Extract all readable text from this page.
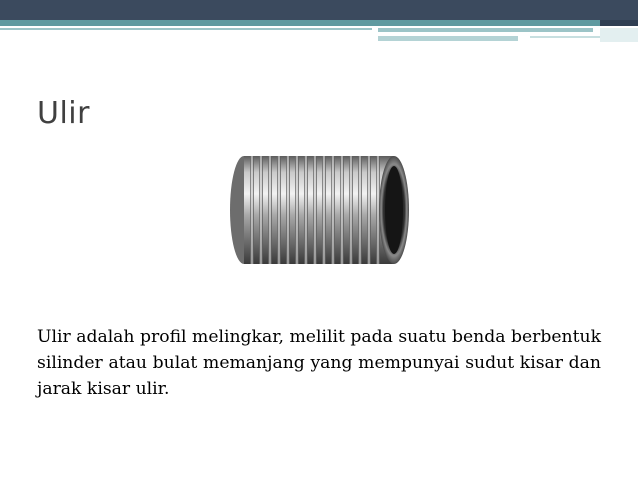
Ulir

Ulir adalah profil melingkar, melilit pada suatu benda berbentuk silinder atau bulat memanjang yang mempunyai sudut kisar dan jarak kisar ulir.
